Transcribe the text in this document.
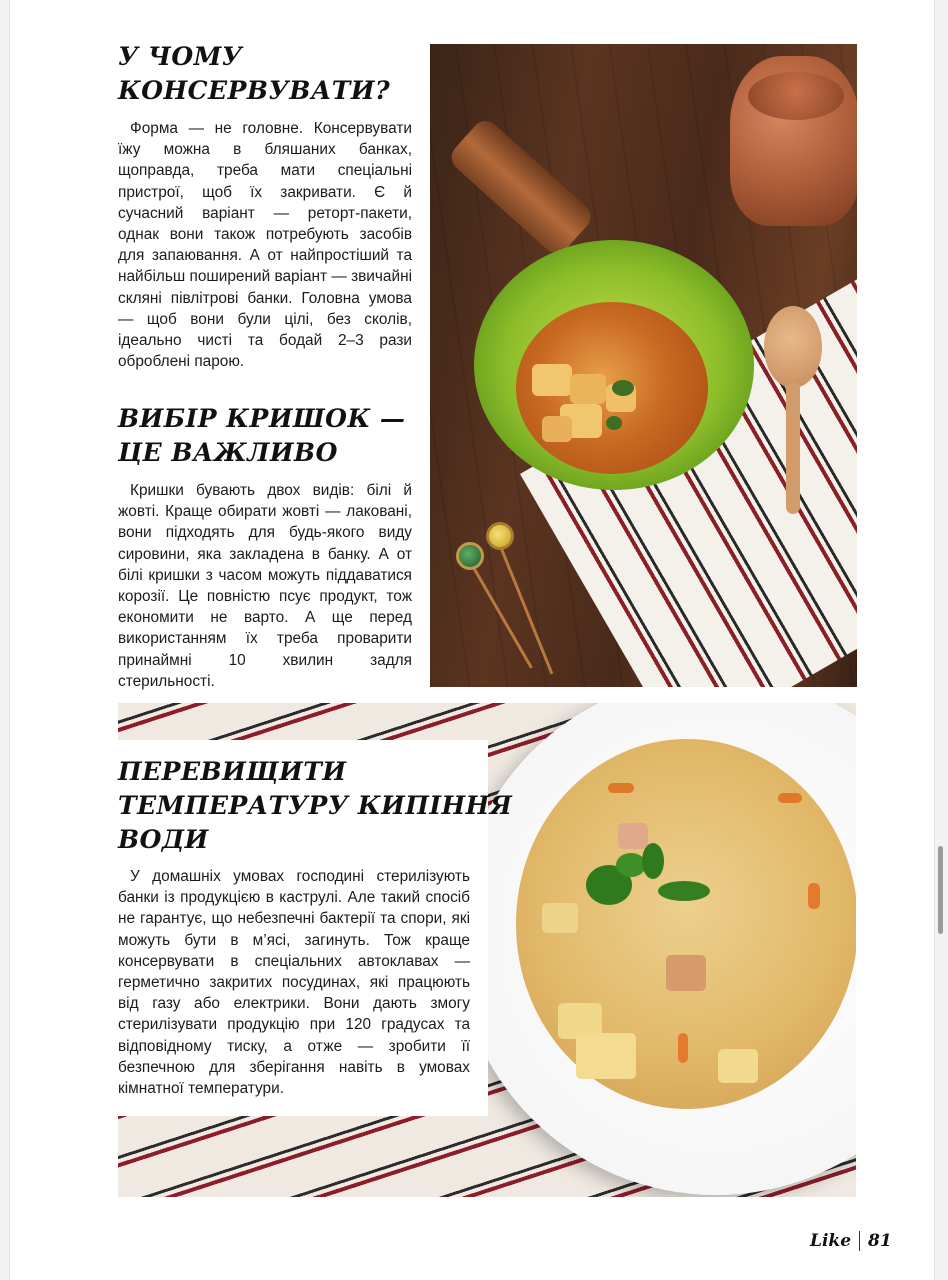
У ЧОМУ
КОНСЕРВУВАТИ?

Форма — не головне. Консервувати їжу можна в бляшаних банках, щоправда, треба мати спеціальні пристрої, щоб їх закривати. Є й сучасний варіант — реторт-пакети, однак вони також потребують засобів для запаювання. А от найпростіший та найбільш поширений варіант — звичайні скляні півлітрові банки. Головна умова — щоб вони були цілі, без сколів, ідеально чисті та бодай 2–3 рази оброблені парою.

ВИБІР КРИШОК —
ЦЕ ВАЖЛИВО

Кришки бувають двох видів: білі й жовті. Краще обирати жовті — лаковані, вони підходять для будь-якого виду сировини, яка закладена в банку. А от білі кришки з часом можуть піддаватися корозії. Це повністю псує продукт, тож економити не варто. А ще перед використанням їх треба проварити принаймні 10 хвилин задля стерильності.

ПЕРЕВИЩИТИ
ТЕМПЕРАТУРУ КИПІННЯ
ВОДИ

У домашніх умовах господині стерилізують банки із продукцією в каструлі. Але такий спосіб не гарантує, що небезпечні бактерії та спори, які можуть бути в м’ясі, загинуть. Тож краще консервувати в спеціальних автоклавах — герметично закритих посудинах, які працюють від газу або електрики. Вони дають змогу стерилізувати продукцію при 120 градусах та відповідному тиску, а отже — зробити її безпечною для зберігання навіть в умовах кімнатної температури.

Like 81
